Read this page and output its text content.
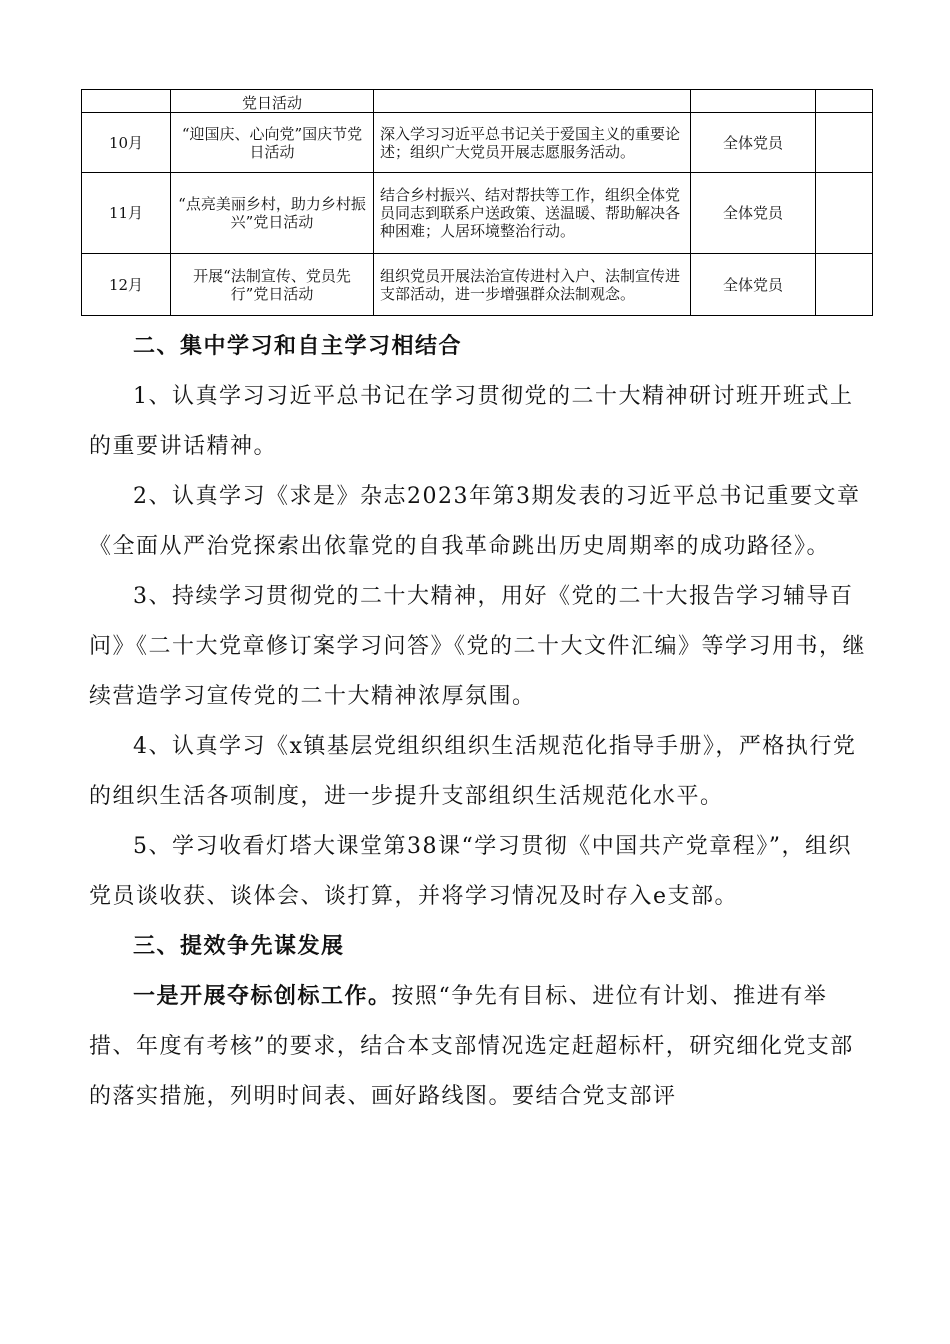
	党日活动			
10月	“迎国庆、心向党”国庆节党日活动	深入学习习近平总书记关于爱国主义的重要论述；组织广大党员开展志愿服务活动。	全体党员	
11月	“点亮美丽乡村，助力乡村振兴”党日活动	结合乡村振兴、结对帮扶等工作，组织全体党员同志到联系户送政策、送温暖、帮助解决各种困难；人居环境整治行动。	全体党员	
12月	开展“法制宣传、党员先行”党日活动	组织党员开展法治宣传进村入户、法制宣传进支部活动，进一步增强群众法制观念。	全体党员	
二、集中学习和自主学习相结合

1、认真学习习近平总书记在学习贯彻党的二十大精神研讨班开班式上的重要讲话精神。

2、认真学习《求是》杂志2023年第3期发表的习近平总书记重要文章《全面从严治党探索出依靠党的自我革命跳出历史周期率的成功路径》。

3、持续学习贯彻党的二十大精神，用好《党的二十大报告学习辅导百问》《二十大党章修订案学习问答》《党的二十大文件汇编》等学习用书，继续营造学习宣传党的二十大精神浓厚氛围。

4、认真学习《x镇基层党组织组织生活规范化指导手册》，严格执行党的组织生活各项制度，进一步提升支部组织生活规范化水平。

5、学习收看灯塔大课堂第38课“学习贯彻《中国共产党章程》”，组织党员谈收获、谈体会、谈打算，并将学习情况及时存入e支部。

三、提效争先谋发展

一是开展夺标创标工作。按照“争先有目标、进位有计划、推进有举措、年度有考核”的要求，结合本支部情况选定赶超标杆，研究细化党支部的落实措施，列明时间表、画好路线图。要结合党支部评
